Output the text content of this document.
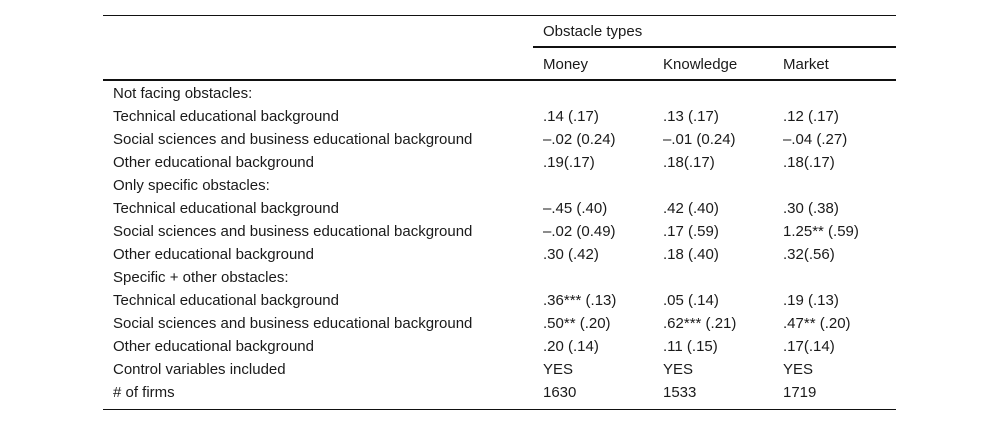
Obstacle types
Money	Knowledge	Market
Not facing obstacles:
Technical educational background	.14 (.17)	.13 (.17)	.12 (.17)
Social sciences and business educational background	–.02 (0.24)	–.01 (0.24)	–.04 (.27)
Other educational background	.19(.17)	.18(.17)	.18(.17)
Only specific obstacles:
Technical educational background	–.45 (.40)	.42 (.40)	.30 (.38)
Social sciences and business educational background	–.02 (0.49)	.17 (.59)	1.25** (.59)
Other educational background	.30 (.42)	.18 (.40)	.32(.56)
Specific + other obstacles:
Technical educational background	.36*** (.13)	.05 (.14)	.19 (.13)
Social sciences and business educational background	.50** (.20)	.62*** (.21)	.47** (.20)
Other educational background	.20 (.14)	.11 (.15)	.17(.14)
Control variables included	YES	YES	YES
# of firms	1630	1533	1719
